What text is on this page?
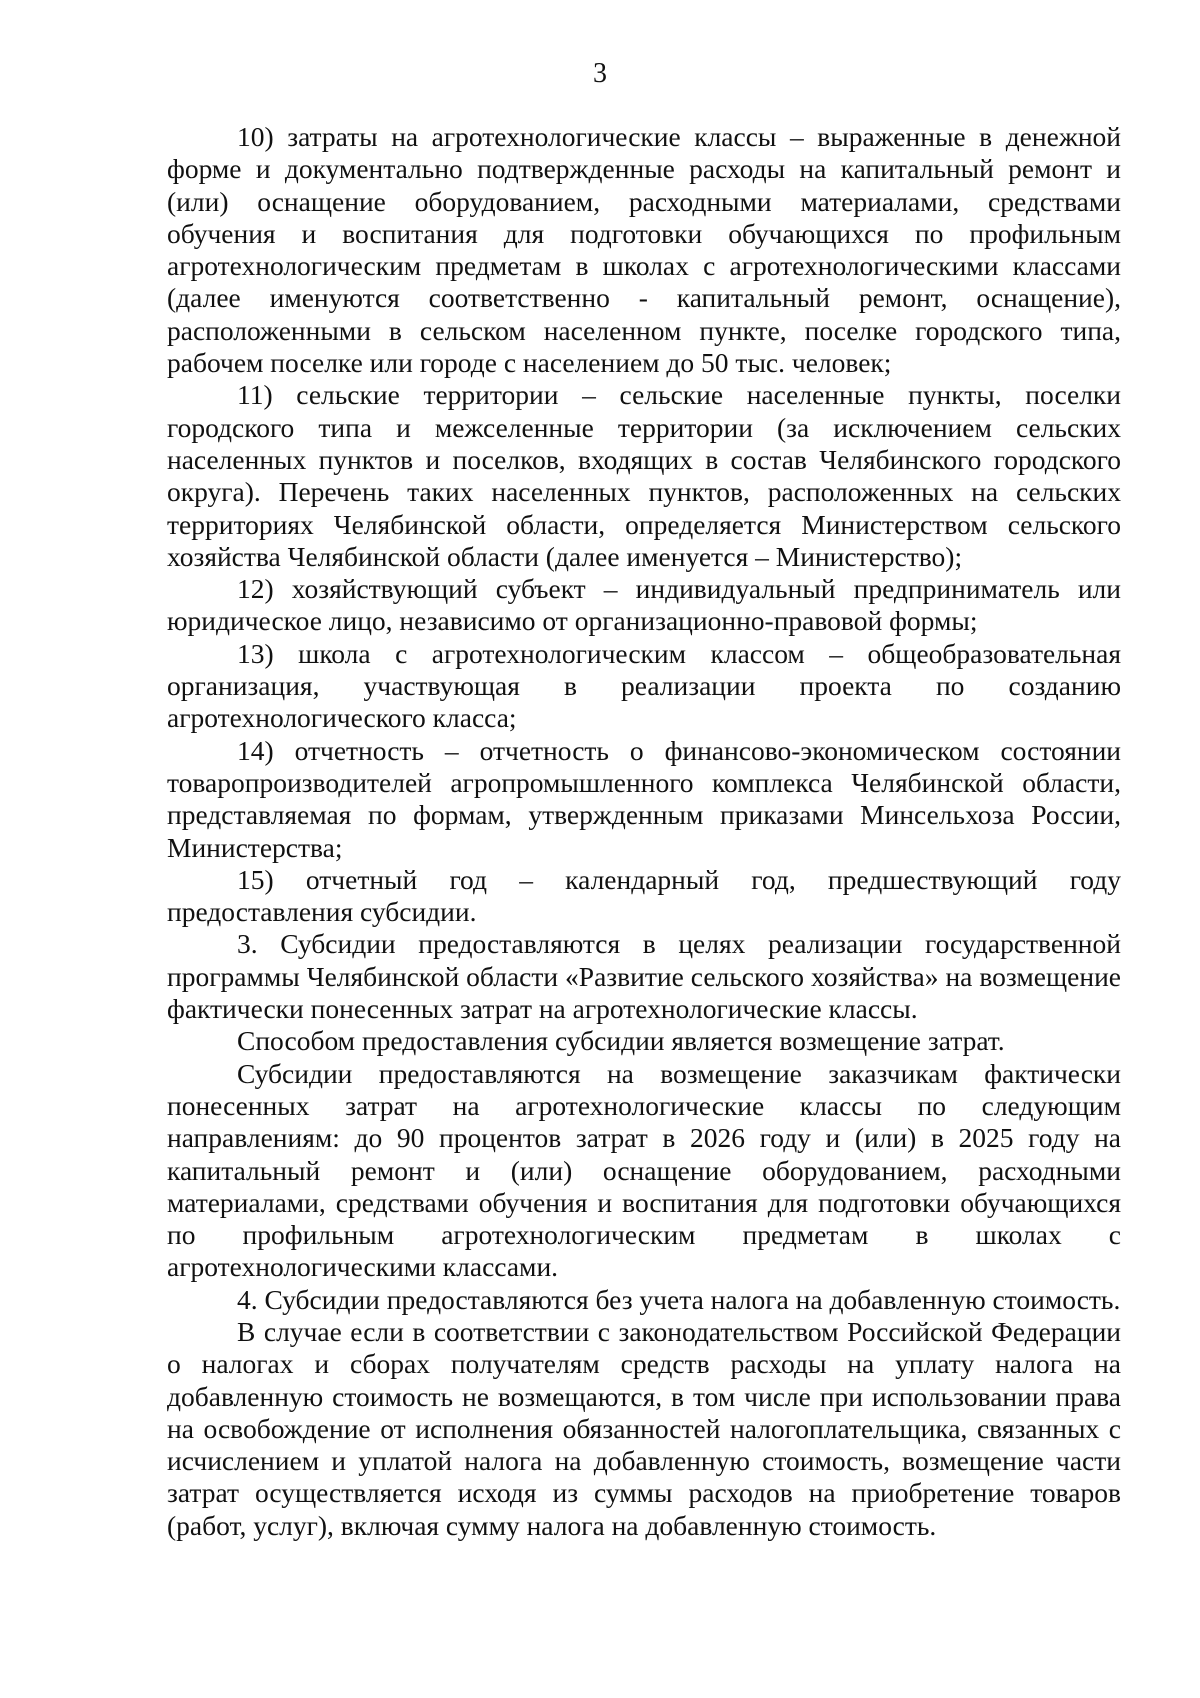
3

10) затраты на агротехнологические классы – выраженные в денежной форме и документально подтвержденные расходы на капитальный ремонт и (или) оснащение оборудованием, расходными материалами, средствами обучения и воспитания для подготовки обучающихся по профильным агротехнологическим предметам в школах с агротехнологическими классами (далее именуются соответственно - капитальный ремонт, оснащение), расположенными в сельском населенном пункте, поселке городского типа, рабочем поселке или городе с населением до 50 тыс. человек;

11) сельские территории – сельские населенные пункты, поселки городского типа и межселенные территории (за исключением сельских населенных пунктов и поселков, входящих в состав Челябинского городского округа). Перечень таких населенных пунктов, расположенных на сельских территориях Челябинской области, определяется Министерством сельского хозяйства Челябинской области (далее именуется – Министерство);

12) хозяйствующий субъект – индивидуальный предприниматель или юридическое лицо, независимо от организационно-правовой формы;

13) школа с агротехнологическим классом – общеобразовательная организация, участвующая в реализации проекта по созданию агротехнологического класса;

14) отчетность – отчетность о финансово-экономическом состоянии товаропроизводителей агропромышленного комплекса Челябинской области, представляемая по формам, утвержденным приказами Минсельхоза России, Министерства;

15) отчетный год – календарный год, предшествующий году предоставления субсидии.

3. Субсидии предоставляются в целях реализации государственной программы Челябинской области «Развитие сельского хозяйства» на возмещение фактически понесенных затрат на агротехнологические классы.

Способом предоставления субсидии является возмещение затрат.

Субсидии предоставляются на возмещение заказчикам фактически понесенных затрат на агротехнологические классы по следующим направлениям: до 90 процентов затрат в 2026 году и (или) в 2025 году на капитальный ремонт и (или) оснащение оборудованием, расходными материалами, средствами обучения и воспитания для подготовки обучающихся по профильным агротехнологическим предметам в школах с агротехнологическими классами.

4. Субсидии предоставляются без учета налога на добавленную стоимость.

В случае если в соответствии с законодательством Российской Федерации о налогах и сборах получателям средств расходы на уплату налога на добавленную стоимость не возмещаются, в том числе при использовании права на освобождение от исполнения обязанностей налогоплательщика, связанных с исчислением и уплатой налога на добавленную стоимость, возмещение части затрат осуществляется исходя из суммы расходов на приобретение товаров (работ, услуг), включая сумму налога на добавленную стоимость.
